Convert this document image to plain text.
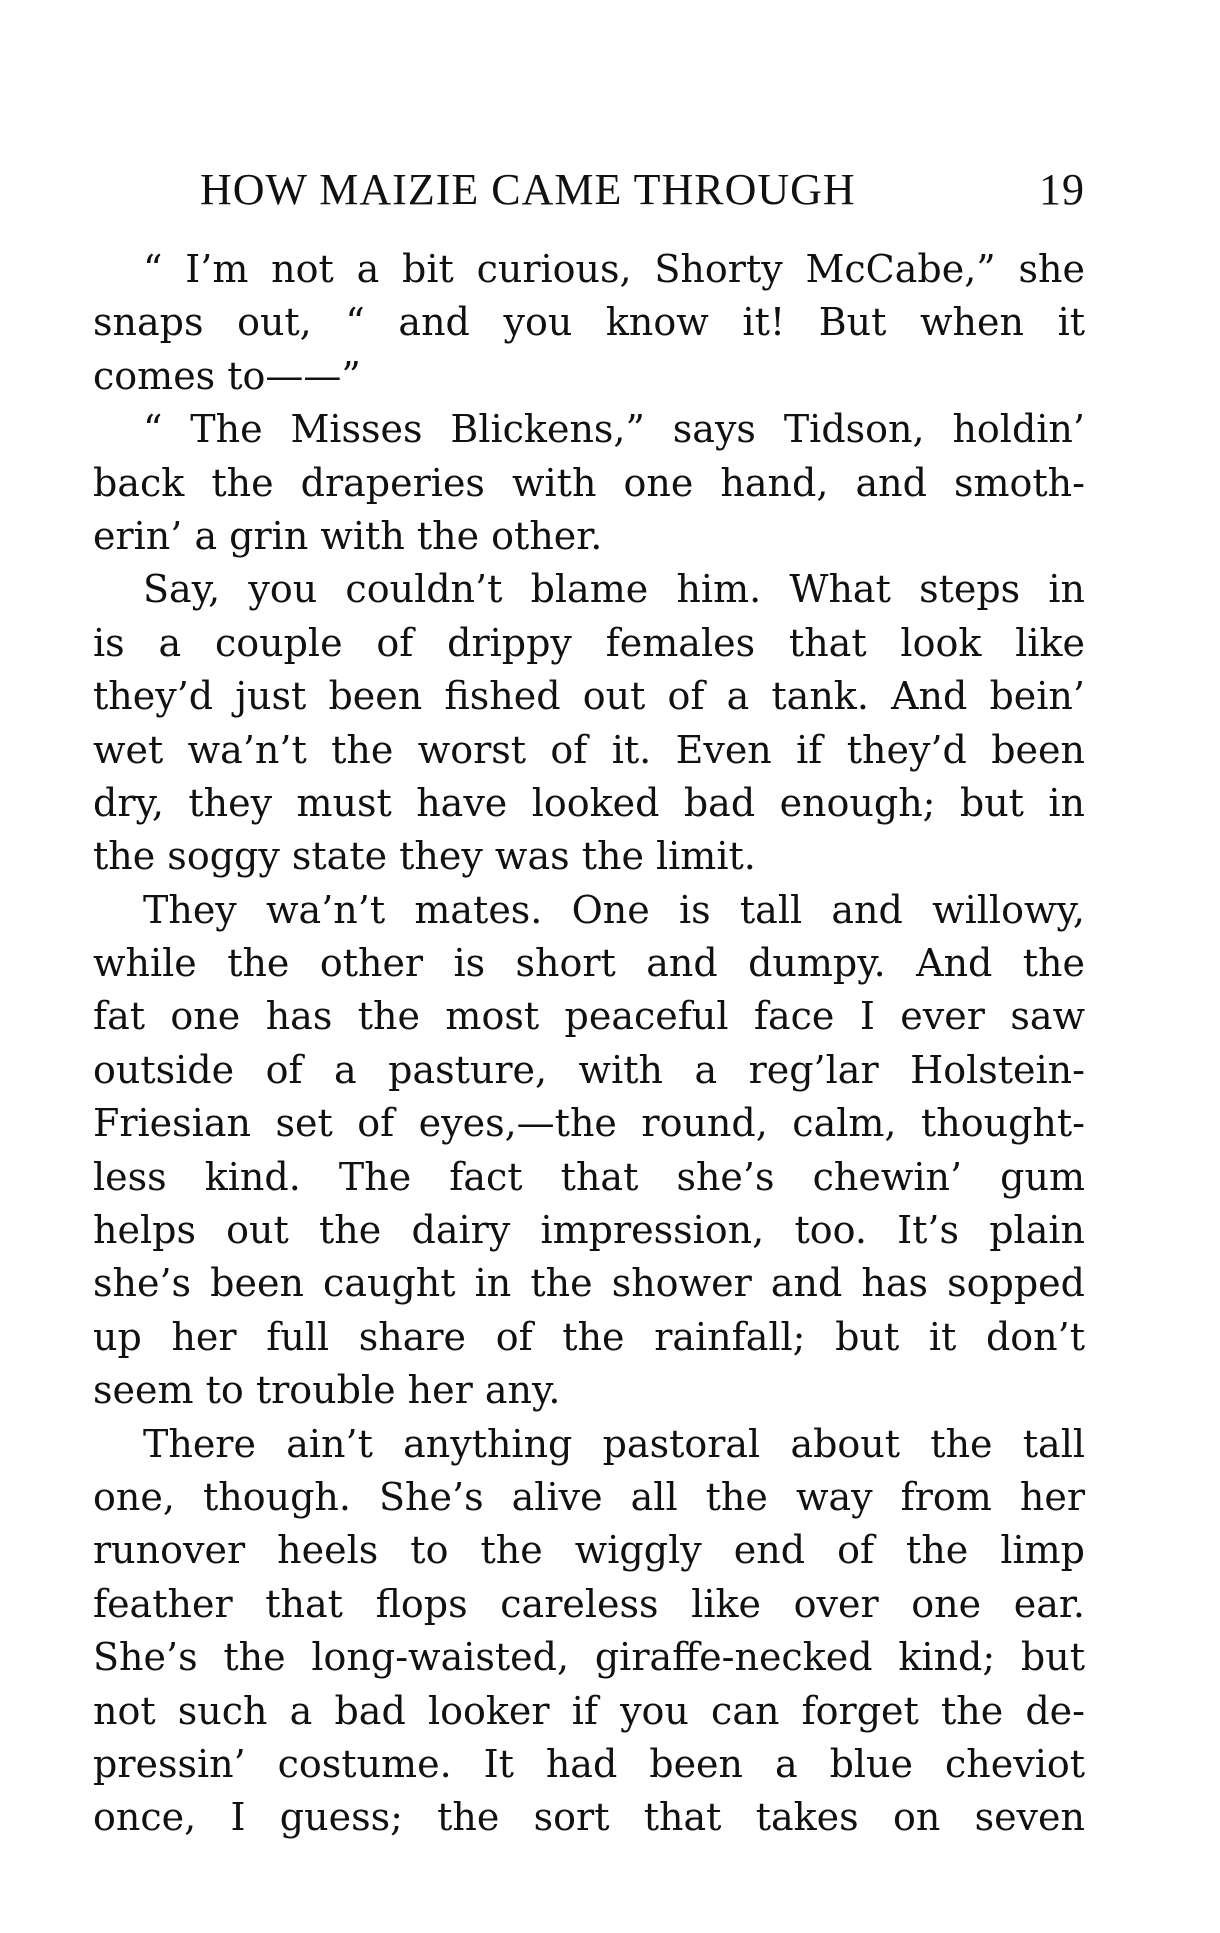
HOW MAIZIE CAME THROUGH	19
“ I’m not a bit curious, Shorty McCabe,” she
snaps out, “ and you know it! But when it
comes to——”
“ The Misses Blickens,” says Tidson, holdin’
back the draperies with one hand, and smoth-
erin’ a grin with the other.
Say, you couldn’t blame him. What steps in
is a couple of drippy females that look like
they’d just been fished out of a tank. And bein’
wet wa’n’t the worst of it. Even if they’d been
dry, they must have looked bad enough; but in
the soggy state they was the limit.
They wa’n’t mates. One is tall and willowy,
while the other is short and dumpy. And the
fat one has the most peaceful face I ever saw
outside of a pasture, with a reg’lar Holstein-
Friesian set of eyes,—the round, calm, thought-
less kind. The fact that she’s chewin’ gum
helps out the dairy impression, too. It’s plain
she’s been caught in the shower and has sopped
up her full share of the rainfall; but it don’t
seem to trouble her any.
There ain’t anything pastoral about the tall
one, though. She’s alive all the way from her
runover heels to the wiggly end of the limp
feather that flops careless like over one ear.
She’s the long-waisted, giraffe-necked kind; but
not such a bad looker if you can forget the de-
pressin’ costume. It had been a blue cheviot
once, I guess; the sort that takes on seven
